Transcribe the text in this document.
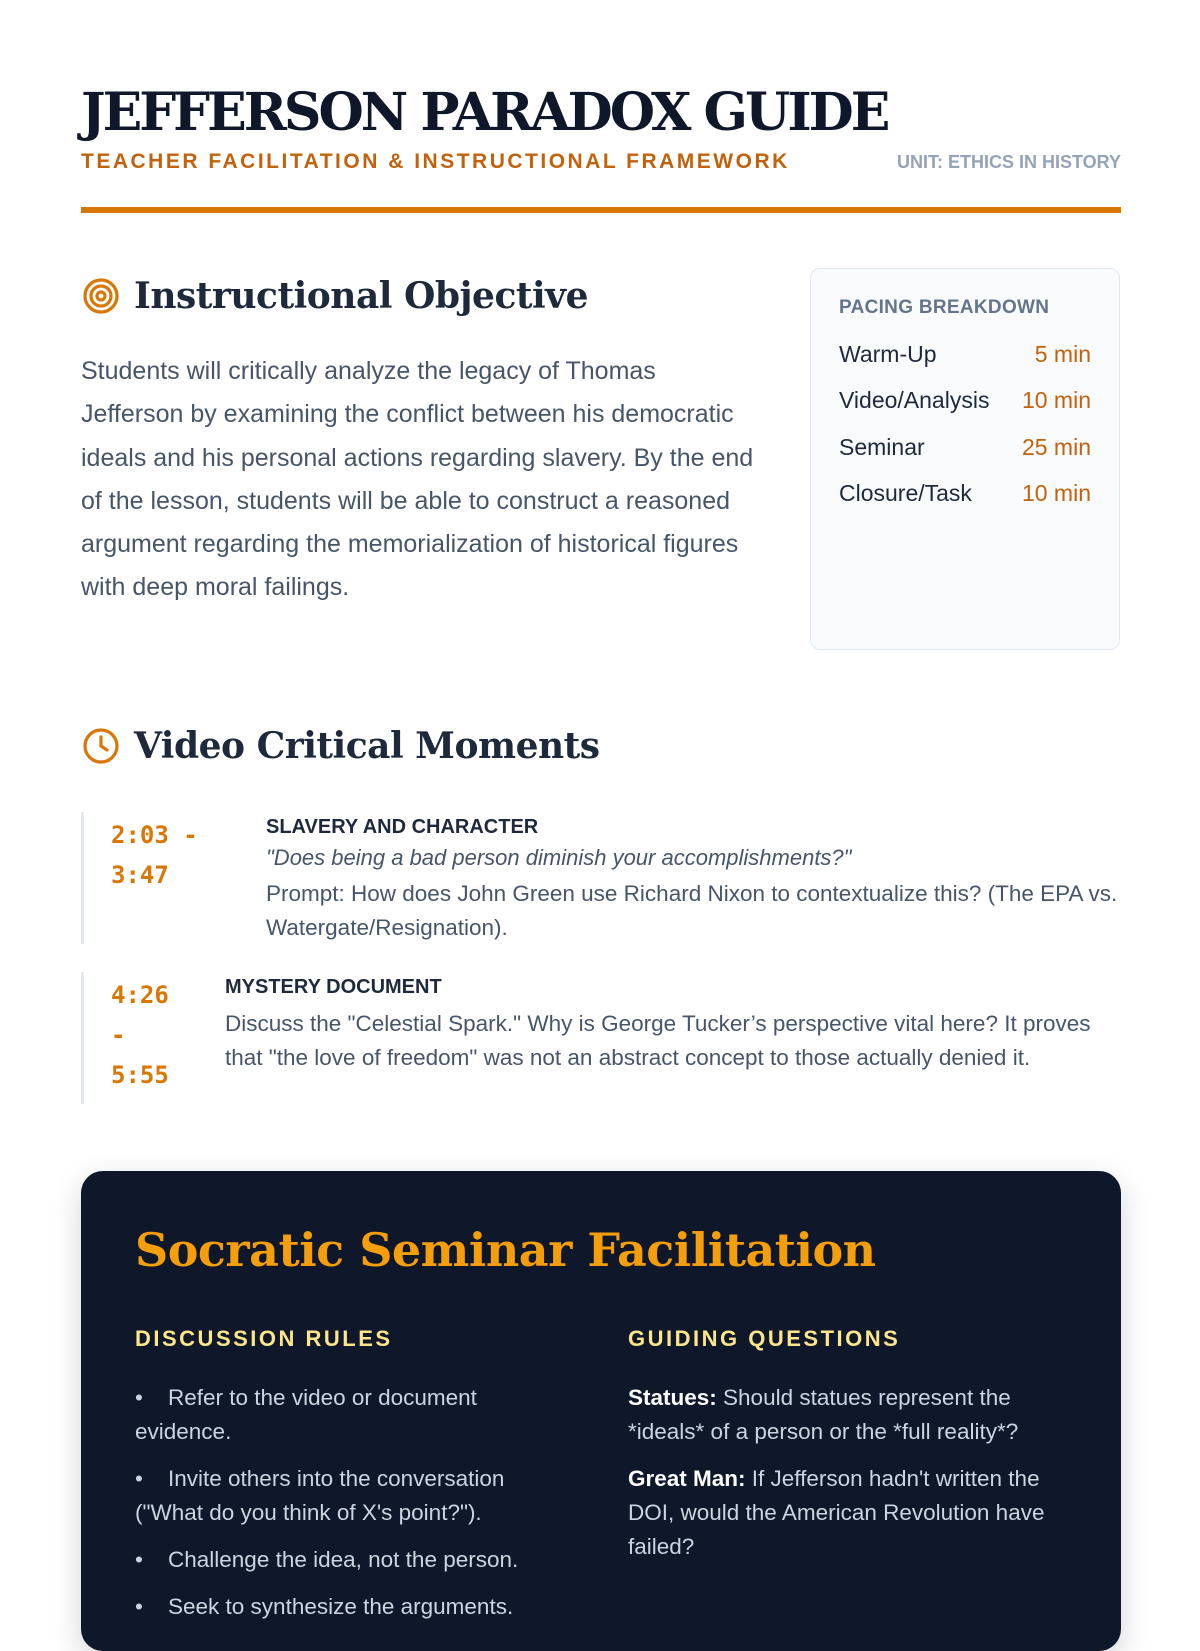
JEFFERSON PARADOX GUIDE
TEACHER FACILITATION & INSTRUCTIONAL FRAMEWORK	UNIT: ETHICS IN HISTORY
Instructional Objective

Students will critically analyze the legacy of Thomas Jefferson by examining the conflict between his democratic ideals and his personal actions regarding slavery. By the end of the lesson, students will be able to construct a reasoned argument regarding the memorialization of historical figures with deep moral failings.

PACING BREAKDOWN
Warm-Up	5 min
Video/Analysis 10 min
Seminar	25 min
Closure/Task 10 min
Video Critical Moments
2:03 - 3:47
SLAVERY AND CHARACTER
"Does being a bad person diminish your accomplishments?"
Prompt: How does John Green use Richard Nixon to contextualize this? (The EPA vs. Watergate/Resignation).
4:26 - 5:55
MYSTERY DOCUMENT
Discuss the "Celestial Spark." Why is George Tucker’s perspective vital here? It proves that "the love of freedom" was not an abstract concept to those actually denied it.
Socratic Seminar Facilitation
DISCUSSION RULES
• Refer to the video or document evidence.
• Invite others into the conversation ("What do you think of X's point?").
• Challenge the idea, not the person.
• Seek to synthesize the arguments.
GUIDING QUESTIONS

Statues: Should statues represent the *ideals* of a person or the *full reality*?

Great Man: If Jefferson hadn't written the DOI, would the American Revolution have failed?
